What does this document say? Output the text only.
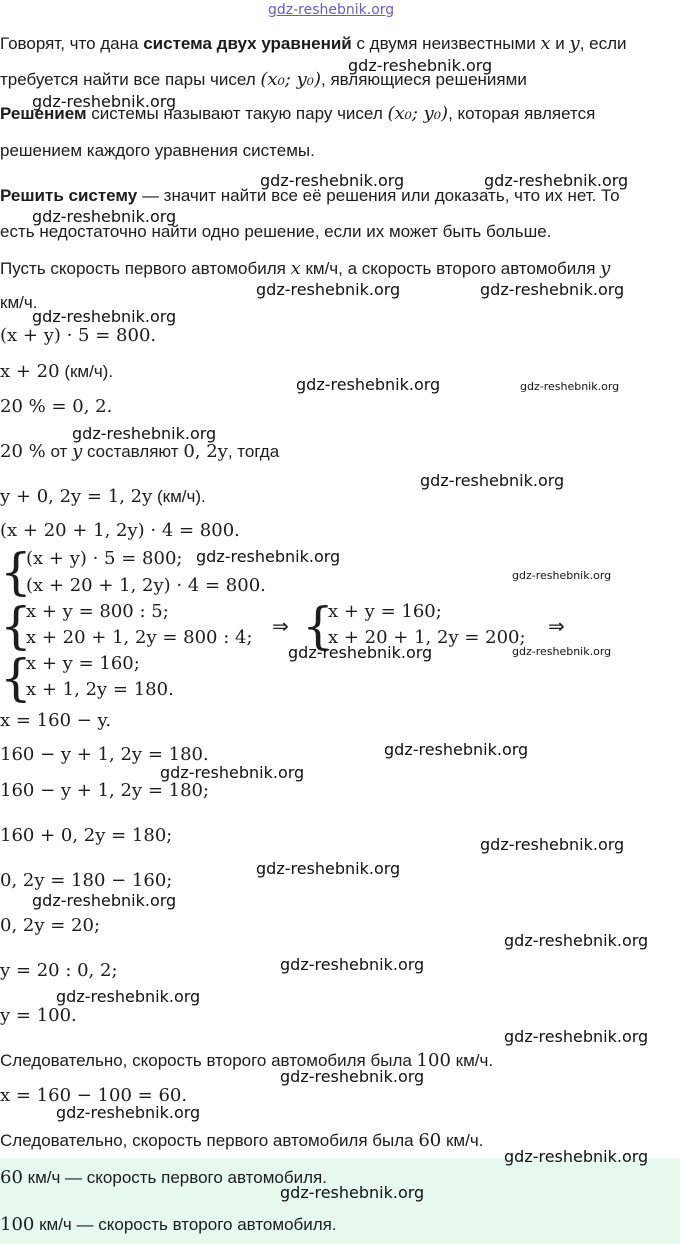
gdz-reshebnik.org
Говорят, что дана система двух уравнений с двумя неизвестными x и y, если
требуется найти все пары чисел (x₀; y₀), являющиеся решениями
Решением системы называют такую пару чисел (x₀; y₀), которая является
решением каждого уравнения системы.
Решить систему — значит найти все её решения или доказать, что их нет. То
есть недостаточно найти одно решение, если их может быть больше.
Пусть скорость первого автомобиля x км/ч, а скорость второго автомобиля y
км/ч.
(x + y) · 5 = 800.
x + 20 (км/ч).
20 % = 0, 2.
20 % от y составляют 0, 2y, тогда
y + 0, 2y = 1, 2y (км/ч).
(x + 20 + 1, 2y) · 4 = 800.
{
(x + y) · 5 = 800;
(x + 20 + 1, 2y) · 4 = 800.
{
x + y = 800 : 5;
x + 20 + 1, 2y = 800 : 4; ⇒ {
x + y = 160;
x + 20 + 1, 2y = 200; ⇒
{
x + y = 160;
x + 1, 2y = 180.
x = 160 − y.
160 − y + 1, 2y = 180.
160 − y + 1, 2y = 180;
160 + 0, 2y = 180;
0, 2y = 180 − 160;
0, 2y = 20;
y = 20 : 0, 2;
y = 100.
Следовательно, скорость второго автомобиля была 100 км/ч.
x = 160 − 100 = 60.
Следовательно, скорость первого автомобиля была 60 км/ч.
60 км/ч — скорость первого автомобиля.
100 км/ч — скорость второго автомобиля.
gdz-reshebnik.org
gdz-reshebnik.org
gdz-reshebnik.org	gdz-reshebnik.org
gdz-reshebnik.org
gdz-reshebnik.org	gdz-reshebnik.org
gdz-reshebnik.org
gdz-reshebnik.org	gdz-reshebnik.org
gdz-reshebnik.org
gdz-reshebnik.org
gdz-reshebnik.org
gdz-reshebnik.org
gdz-reshebnik.org	gdz-reshebnik.org
gdz-reshebnik.org
gdz-reshebnik.org
gdz-reshebnik.org
gdz-reshebnik.org
gdz-reshebnik.org
gdz-reshebnik.org
gdz-reshebnik.org
gdz-reshebnik.org
gdz-reshebnik.org
gdz-reshebnik.org
gdz-reshebnik.org
gdz-reshebnik.org
gdz-reshebnik.org
